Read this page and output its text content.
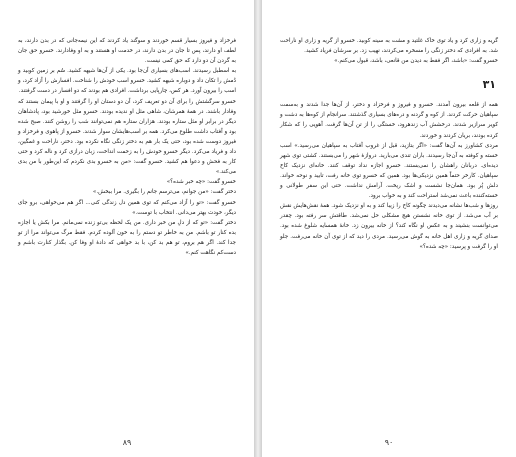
فرخزاد و فیروز بسیار قسم خوردند و سوگند یاد کردند که این نیمه‌جانی که در بدن دارند، به لطف او دارند، پس تا جان در بدن دارند، در خدمت او هستند و به او وفادارند. خسرو حق جان به گردن آن دو دارد که حق کمی نیست.

به اسطبل رسیدند. اسب‌های بسیاری آن‌جا بود. یکی از آن‌ها شیهه کشید. سُم بر زمین کوبید و دُمش را تکان داد و دوباره شیهه کشید. خسرو اسب خودش را شناخت. افسارش را آزاد کرد، و اسب را بیرون آورد. هر کس، چارپایی برداشت. افرادی هم بودند که دو افسار در دست گرفتند.

خسرو سرگشتش را برای آن دو تعریف کرد، آن دو دستان او را گرفتند و او با پیمان بستند که وفادار باشند. در همهٔ همرشان، شاهی مثل او ندیده بودند. خسرو مثل خورشید بود، پادشاهان دیگر در برابر او مثل ستاره بودند. هزاران ستاره هم نمی‌توانند شب را روشن کنند. صبح شده بود و آفتاب داشت طلوع می‌کرد. همه بر اسب‌هایشان سوار شدند. خسرو از پاهوی و فرخزاد و فیروز دوست شده بود، حتی یک بار هم به دختر زنگی نگاه نکرده بود. دختر، ناراحت و غمگین، داد و فریاد می‌کرد. دیگر خسرو خودش را به زحمت انداخت، زبان درازی کرد و ناله کرد و حتی کار به فحش و دعوا هم کشید. خسرو گفت: «من به خسرو بدی نکردم که این‌طور با من بدی می‌کند.»

خسرو گفت: «چه خبر شده؟»

دختر گفت: «من جوانم، می‌ترسم جانم را بگیری. مرا ببخش.»

خسرو گفت: «تو را آزاد می‌کنم که توی همین دل زندگی کنی... اگر هم می‌خواهی، برو جای دیگر، خودت بهتر می‌دانی. انتخاب با توست.»

دختر گفت: «تو که از دلِ من خبر داری. من یک لحظه بی‌تو زنده نمی‌مانم. مرا بکش یا اجازه بده کنار تو باشم. من به خاطر تو دستم را به خون آلوده کردم. فقط مرگ می‌تواند مرا از تو جدا کند. اگر هم بروم، تو هم بد کن، با بد خواهی که دادهٔ او وفا کن. بگذار کنارت باشم و دست‌کم نگاهت کنم.»

۸۹

گریه و زاری کرد و یاد توی خاک غلتید و مشت به سینه کوبید. خسرو از گریه و زاری او ناراحت شد. به افرادی که دختر زنگی را مسخره می‌کردند، نهیب زد. بر سرشان فریاد کشید.

خسرو گفت: «باشد، اگر فقط به دیدن من قانعی، باشد، قبول می‌کنم.»

۳۱

همه از قلعه بیرون آمدند. خسرو و فیروز و فرخزاد و دختر، از آن‌ها جدا شدند و به‌سمت سپاهیان حرکت کردند. از کوه و گردنه و دره‌های بسیاری گذشتند. سرانجام از کوه‌ها به دشت و کویر سرازیر شدند. درخشش آب زندهرود، خستگی را از تن آن‌ها گرفت. آهویی را که شکار کرده بودند، بریان کردند و خوردند.

مردی کشاورز به آن‌ها گفت: «اگر بتازید، قبل از غروب آفتاب به سپاهیان می‌رسید.» اسب خسته و کوفته به آن‌جا رسیدند. باران تندی می‌بارید. دروازهٔ شهر را می‌بستند. کشتی توی شهر دیده‌ای. دربانان راهشان را نمی‌بستند. خسرو اجازه نداد توقف کنند. خانه‌ای نزدیک کاخ سپاهیان. کارخر حتماً همین نزدیکی‌ها بود. همین که خسرو توی خانه رفت، تابید و نوحه خواند. دلش پُر بود. همان‌جا نشست و اشک ریخت. آرامش نداشت. حتی این سفر طولانی و خسته‌کننده باعث نمی‌شد استراحت کند و به خواب برود.

روزها و شب‌ها نشانه می‌دیدند چگونه کاخ را زیبا کند و به او نزدیک شود. همهٔ نقش‌هایش نقش بر آب می‌شد. از توی خانه نشستن هیچ مشکلی حل نمی‌شد. طاقتش سر رفته بود. چقدر می‌توانست بنشیند و به عکس او نگاه کند؟ از خانه بیرون زد. خانهٔ همسایه شلوغ شده بود. صدای گریه و زاری اهل خانه به گوش می‌رسید. مردی را دید که از توی آن خانه می‌رفت. جلو او را گرفت و پرسید: «چه شده؟»

۹۰
